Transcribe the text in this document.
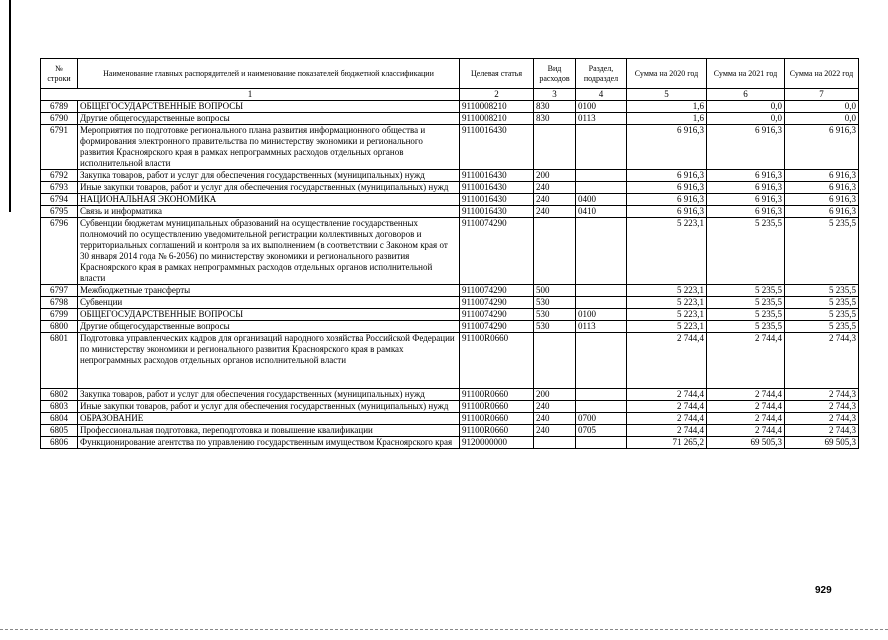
№ строки	Наименование главных распорядителей и наименование показателей бюджетной классификации	Целевая статья	Вид расходов	Раздел, подраздел	Сумма на 2020 год	Сумма на 2021 год	Сумма на 2022 год
1		2	3	4	5	6	7
6789	ОБЩЕГОСУДАРСТВЕННЫЕ ВОПРОСЫ	9110008210	830	0100	1,6	0,0	0,0
6790	Другие общегосударственные вопросы	9110008210	830	0113	1,6	0,0	0,0
6791	Мероприятия по подготовке регионального плана развития информационного общества и формирования электронного правительства по министерству экономики и регионального развития Красноярского края в рамках непрограммных расходов отдельных органов исполнительной власти	9110016430			6 916,3	6 916,3	6 916,3
6792	Закупка товаров, работ и услуг для обеспечения государственных (муниципальных) нужд	9110016430	200		6 916,3	6 916,3	6 916,3
6793	Иные закупки товаров, работ и услуг для обеспечения государственных (муниципальных) нужд	9110016430	240		6 916,3	6 916,3	6 916,3
6794	НАЦИОНАЛЬНАЯ ЭКОНОМИКА	9110016430	240	0400	6 916,3	6 916,3	6 916,3
6795	Связь и информатика	9110016430	240	0410	6 916,3	6 916,3	6 916,3
6796	Субвенции бюджетам муниципальных образований на осуществление государственных полномочий по осуществлению уведомительной регистрации коллективных договоров и территориальных соглашений и контроля за их выполнением (в соответствии с Законом края от 30 января 2014 года № 6-2056) по министерству экономики и регионального развития Красноярского края в рамках непрограммных расходов отдельных органов исполнительной власти	9110074290			5 223,1	5 235,5	5 235,5
6797	Межбюджетные трансферты	9110074290	500		5 223,1	5 235,5	5 235,5
6798	Субвенции	9110074290	530		5 223,1	5 235,5	5 235,5
6799	ОБЩЕГОСУДАРСТВЕННЫЕ ВОПРОСЫ	9110074290	530	0100	5 223,1	5 235,5	5 235,5
6800	Другие общегосударственные вопросы	9110074290	530	0113	5 223,1	5 235,5	5 235,5
6801	Подготовка управленческих кадров для организаций народного хозяйства Российской Федерации по министерству экономики и регионального развития Красноярского края в рамках непрограммных расходов отдельных органов исполнительной власти	91100R0660			2 744,4	2 744,4	2 744,3
6802	Закупка товаров, работ и услуг для обеспечения государственных (муниципальных) нужд	91100R0660	200		2 744,4	2 744,4	2 744,3
6803	Иные закупки товаров, работ и услуг для обеспечения государственных (муниципальных) нужд	91100R0660	240		2 744,4	2 744,4	2 744,3
6804	ОБРАЗОВАНИЕ	91100R0660	240	0700	2 744,4	2 744,4	2 744,3
6805	Профессиональная подготовка, переподготовка и повышение квалификации	91100R0660	240	0705	2 744,4	2 744,4	2 744,3
6806	Функционирование агентства по управлению государственным имуществом Красноярского края	9120000000			71 265,2	69 505,3	69 505,3
929
